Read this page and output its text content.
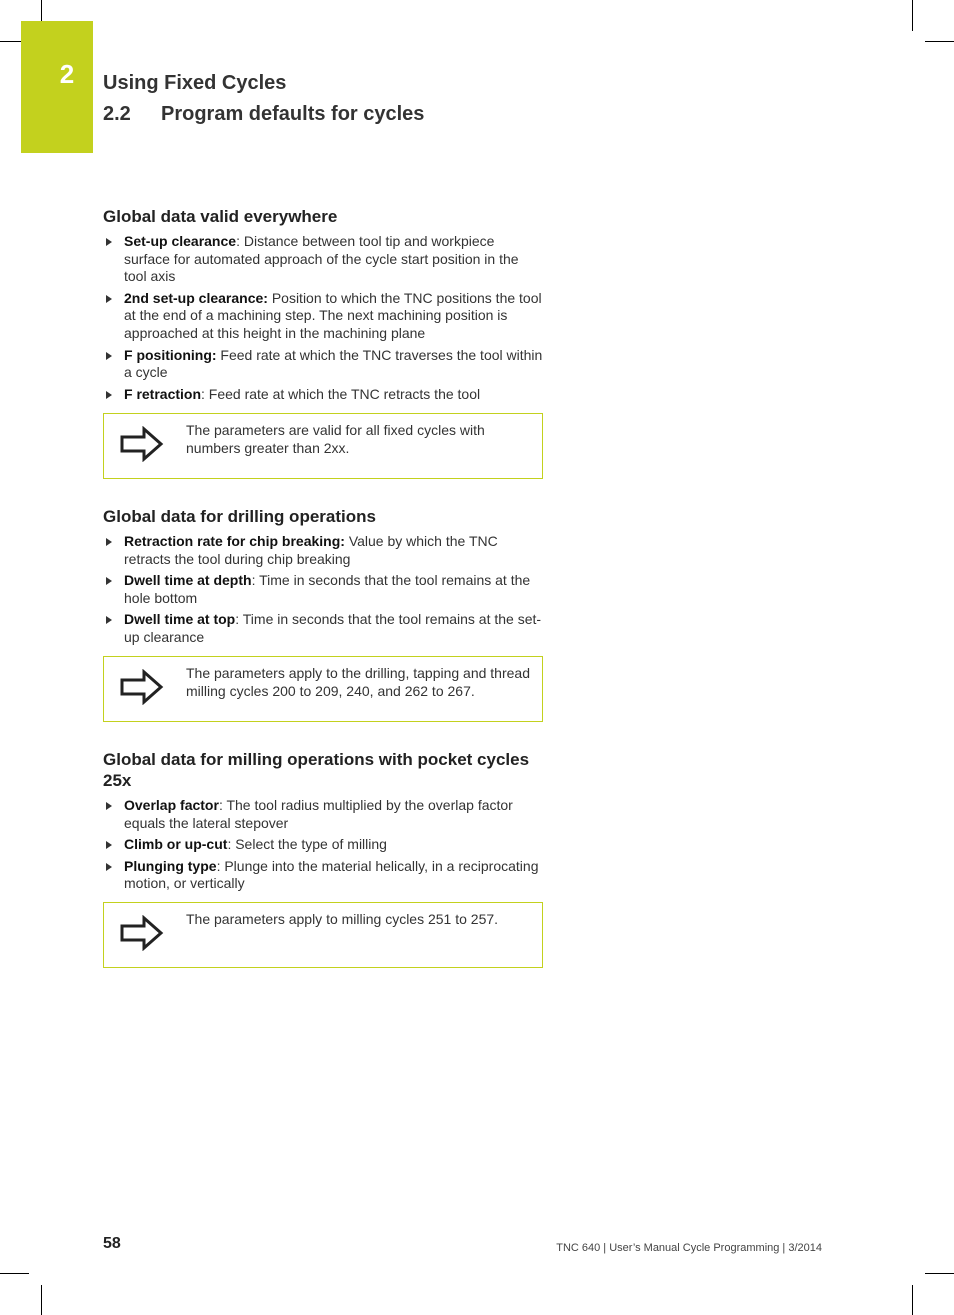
2	Using Fixed Cycles
2.2 Program defaults for cycles
Global data valid everywhere
Set-up clearance: Distance between tool tip and workpiece surface for automated approach of the cycle start position in the tool axis
2nd set-up clearance: Position to which the TNC positions the tool at the end of a machining step. The next machining position is approached at this height in the machining plane
F positioning: Feed rate at which the TNC traverses the tool within a cycle
F retraction: Feed rate at which the TNC retracts the tool
The parameters are valid for all fixed cycles with numbers greater than 2xx.
Global data for drilling operations
Retraction rate for chip breaking: Value by which the TNC retracts the tool during chip breaking
Dwell time at depth: Time in seconds that the tool remains at the hole bottom
Dwell time at top: Time in seconds that the tool remains at the set-up clearance
The parameters apply to the drilling, tapping and thread milling cycles 200 to 209, 240, and 262 to 267.
Global data for milling operations with pocket cycles 25x
Overlap factor: The tool radius multiplied by the overlap factor equals the lateral stepover
Climb or up-cut: Select the type of milling
Plunging type: Plunge into the material helically, in a reciprocating motion, or vertically
The parameters apply to milling cycles 251 to 257.
58	TNC 640 | User’s Manual Cycle Programming | 3/2014
